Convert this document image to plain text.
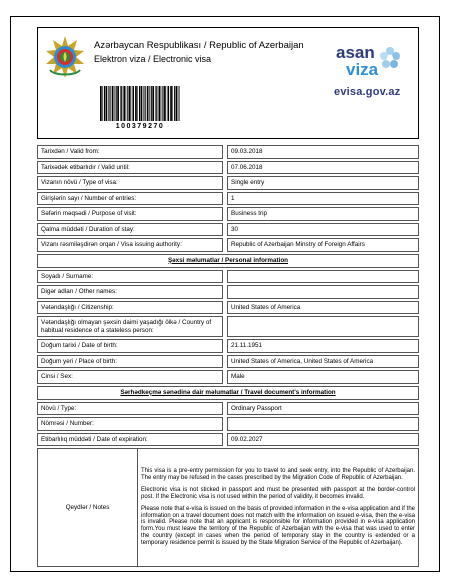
Azərbaycan Respublikası / Republic of Azerbaijan
Elektron viza / Electronic visa
100379270
asan
viza
evisa.gov.az
Tarixdən / Valid from:		09.03.2018
Tarixədək etibarlıdır / Valid until:		07.06.2018
Vizanın növü / Type of visa:		Single entry
Girişlərin sayı / Number of entries:		1
Səfərin məqsədi / Purpose of visit:		Business trip
Qalma müddəti / Duration of stay:		30
Vizanı rəsmiləşdirən orqan / Visa issuing authority:		Republic of Azerbaijan Minstry of Foreign Affairs
Şəxsi məlumatlar / Personal information
Soyadı / Surname:		
Digər adları / Other names:		
Vətəndaşlığı / Citizenship:		United States of America
Vətəndaşlığı olmayan şəxsin daimi yaşadığı ölkə / Country of habitual residence of a stateless person:		
Doğum tarixi / Date of birth:		21.11.1951
Doğum yeri / Place of birth:		United States of America, United States of America
Cinsi / Sex:		Male
Sərhədkeçmə sənədinə dair məlumatlar / Travel document's information
Növü / Type:		Ordinary Passport
Nömrəsi / Number:		
Etibarlılıq müddəti / Date of expiration:		09.02.2027

Qeydlər / Notes	
This visa is a pre-entry permission for you to travel to and seek entry, into the Republic of Azerbaijan. The entry may be refused in the cases prescribed by the Migration Code of Republic of Azerbaijan.
Electronic visa is not sticked in passport and must be presented with passport at the border-control post. If the Electronic visa is not used within the period of validity, it becomes invalid.
Please note that e-visa is issued on the basis of provided information in the e-visa application and if the information on a travel document does not match with the information on issued e-visa, then the e-visa is invalid. Please note that an applicant is responsible for information provided in e-visa application form.You must leave the territory of the Republic of Azerbaijan with the e-visa that was used to enter the country (except in cases when the period of temporary stay in the country is extended or a temporary residence permit is issued by the State Migration Service of the Republic of Azerbaijan).
